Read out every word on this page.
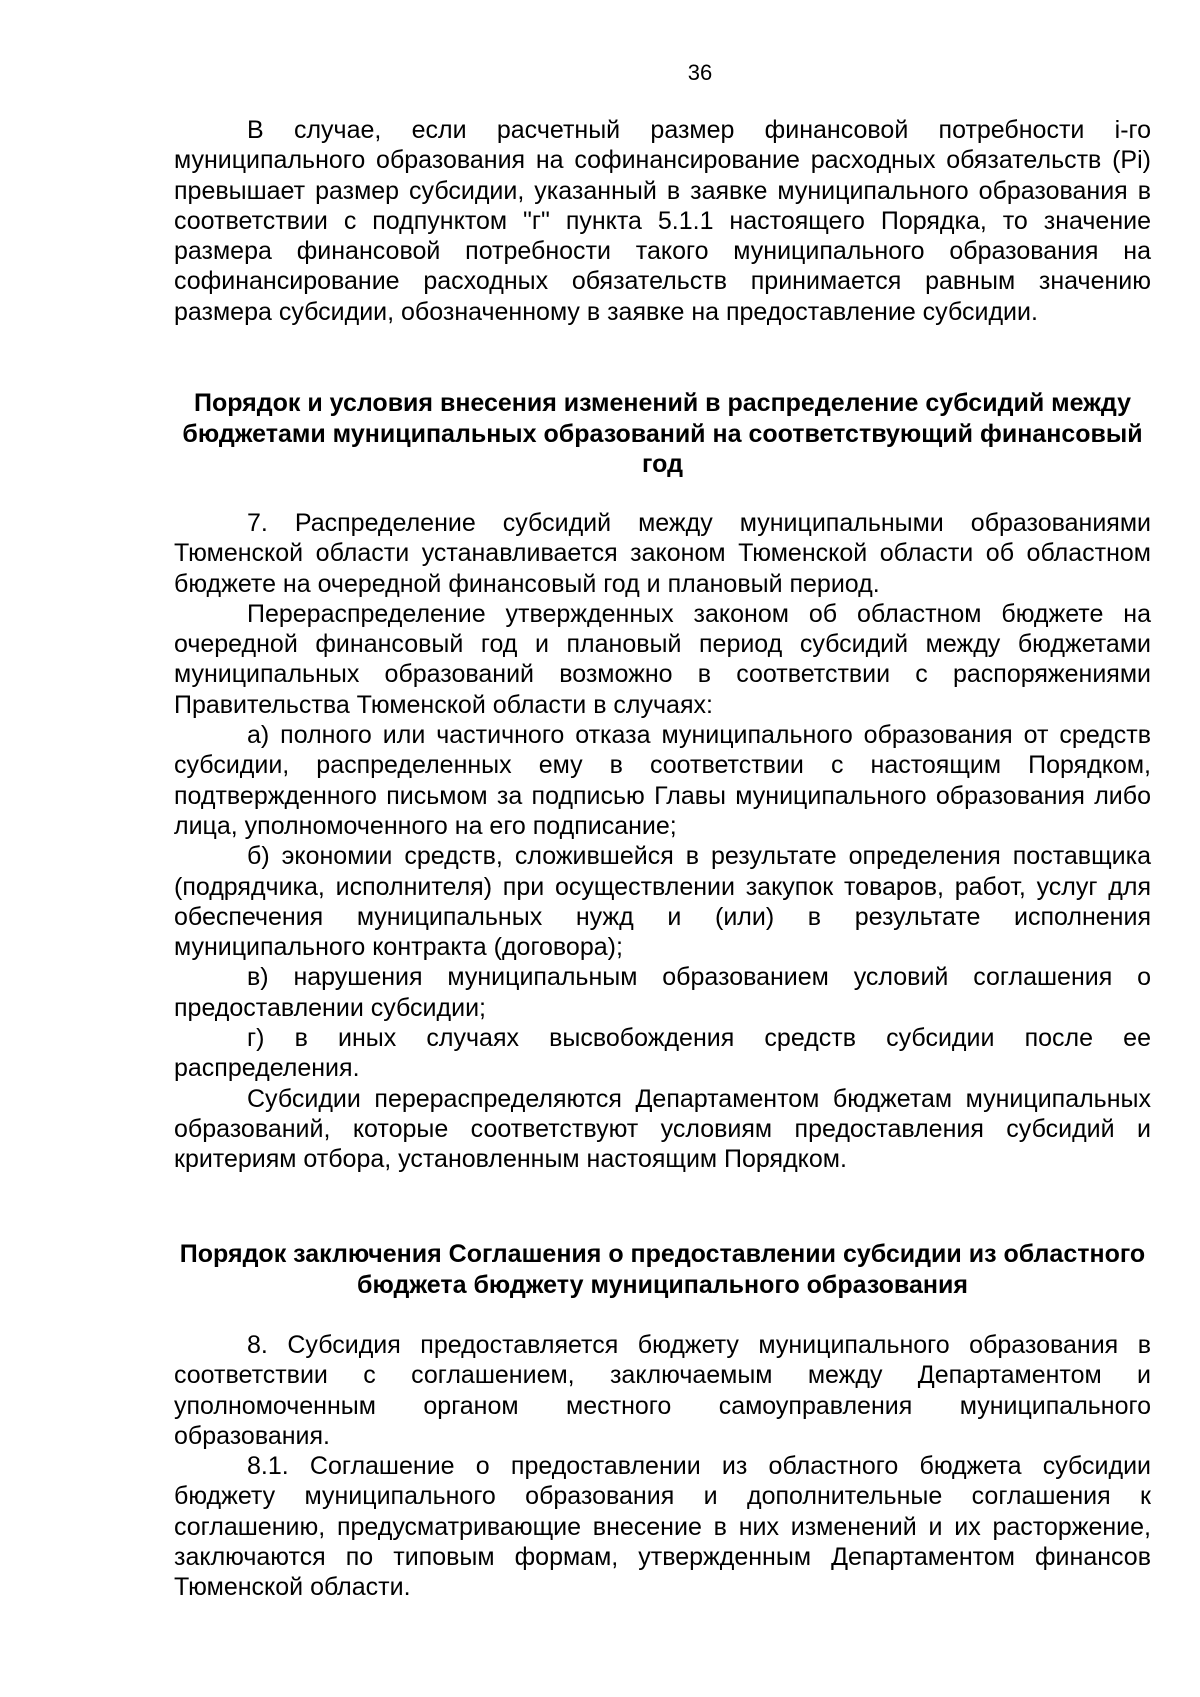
36

В случае, если расчетный размер финансовой потребности i-го муниципального образования на софинансирование расходных обязательств (Pi) превышает размер субсидии, указанный в заявке муниципального образования в соответствии с подпунктом "г" пункта 5.1.1 настоящего Порядка, то значение размера финансовой потребности такого муниципального образования на софинансирование расходных обязательств принимается равным значению размера субсидии, обозначенному в заявке на предоставление субсидии.

Порядок и условия внесения изменений в распределение субсидий между бюджетами муниципальных образований на соответствующий финансовый год

7. Распределение субсидий между муниципальными образованиями Тюменской области устанавливается законом Тюменской области об областном бюджете на очередной финансовый год и плановый период.

Перераспределение утвержденных законом об областном бюджете на очередной финансовый год и плановый период субсидий между бюджетами муниципальных образований возможно в соответствии с распоряжениями Правительства Тюменской области в случаях:

а) полного или частичного отказа муниципального образования от средств субсидии, распределенных ему в соответствии с настоящим Порядком, подтвержденного письмом за подписью Главы муниципального образования либо лица, уполномоченного на его подписание;

б) экономии средств, сложившейся в результате определения поставщика (подрядчика, исполнителя) при осуществлении закупок товаров, работ, услуг для обеспечения муниципальных нужд и (или) в результате исполнения муниципального контракта (договора);

в) нарушения муниципальным образованием условий соглашения о предоставлении субсидии;

г) в иных случаях высвобождения средств субсидии после ее распределения.

Субсидии перераспределяются Департаментом бюджетам муниципальных образований, которые соответствуют условиям предоставления субсидий и критериям отбора, установленным настоящим Порядком.

Порядок заключения Соглашения о предоставлении субсидии из областного бюджета бюджету муниципального образования

8. Субсидия предоставляется бюджету муниципального образования в соответствии с соглашением, заключаемым между Департаментом и уполномоченным органом местного самоуправления муниципального образования.

8.1. Соглашение о предоставлении из областного бюджета субсидии бюджету муниципального образования и дополнительные соглашения к соглашению, предусматривающие внесение в них изменений и их расторжение, заключаются по типовым формам, утвержденным Департаментом финансов Тюменской области.
